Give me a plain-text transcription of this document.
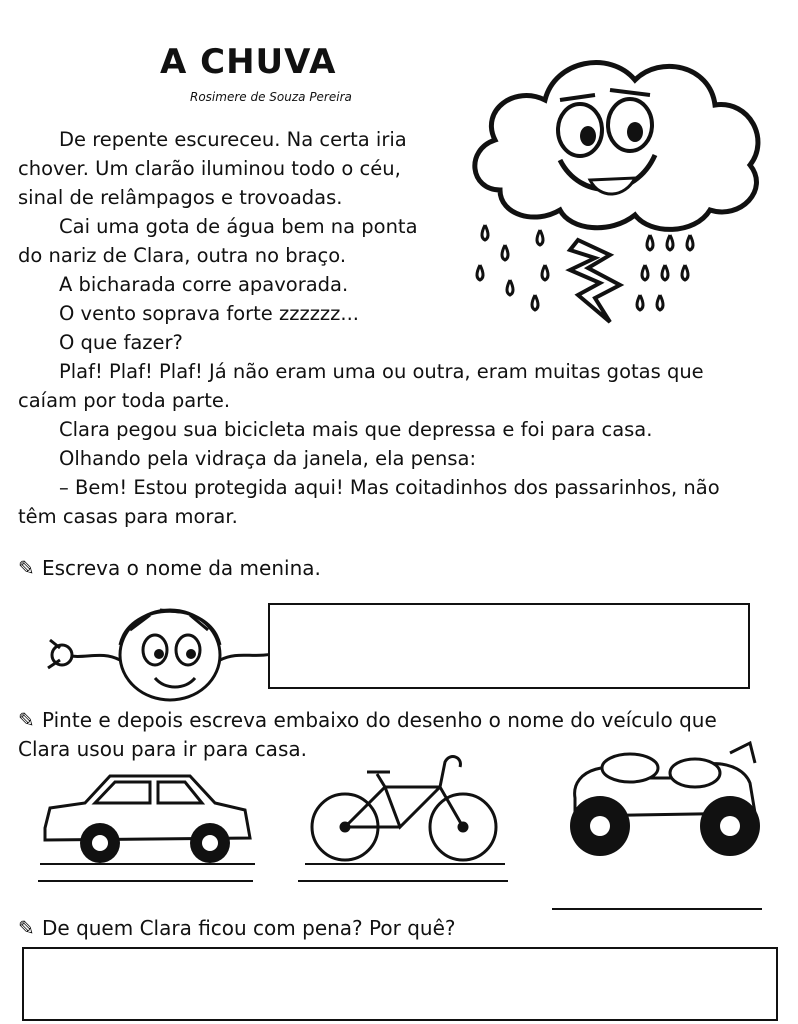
A CHUVA
Rosimere de Souza Pereira
De repente escureceu. Na certa iria
chover. Um clarão iluminou todo o céu,
sinal de relâmpagos e trovoadas.
Cai uma gota de água bem na ponta
do nariz de Clara, outra no braço.
A bicharada corre apavorada.
O vento soprava forte zzzzzz...
O que fazer?
Plaf! Plaf! Plaf! Já não eram uma ou outra, eram muitas gotas que
caíam por toda parte.
Clara pegou sua bicicleta mais que depressa e foi para casa.
Olhando pela vidraça da janela, ela pensa:
– Bem! Estou protegida aqui! Mas coitadinhos dos passarinhos, não
têm casas para morar.
✎ Escreva o nome da menina.
✎ Pinte e depois escreva embaixo do desenho o nome do veículo que
Clara usou para ir para casa.
✎ De quem Clara ficou com pena? Por quê?
